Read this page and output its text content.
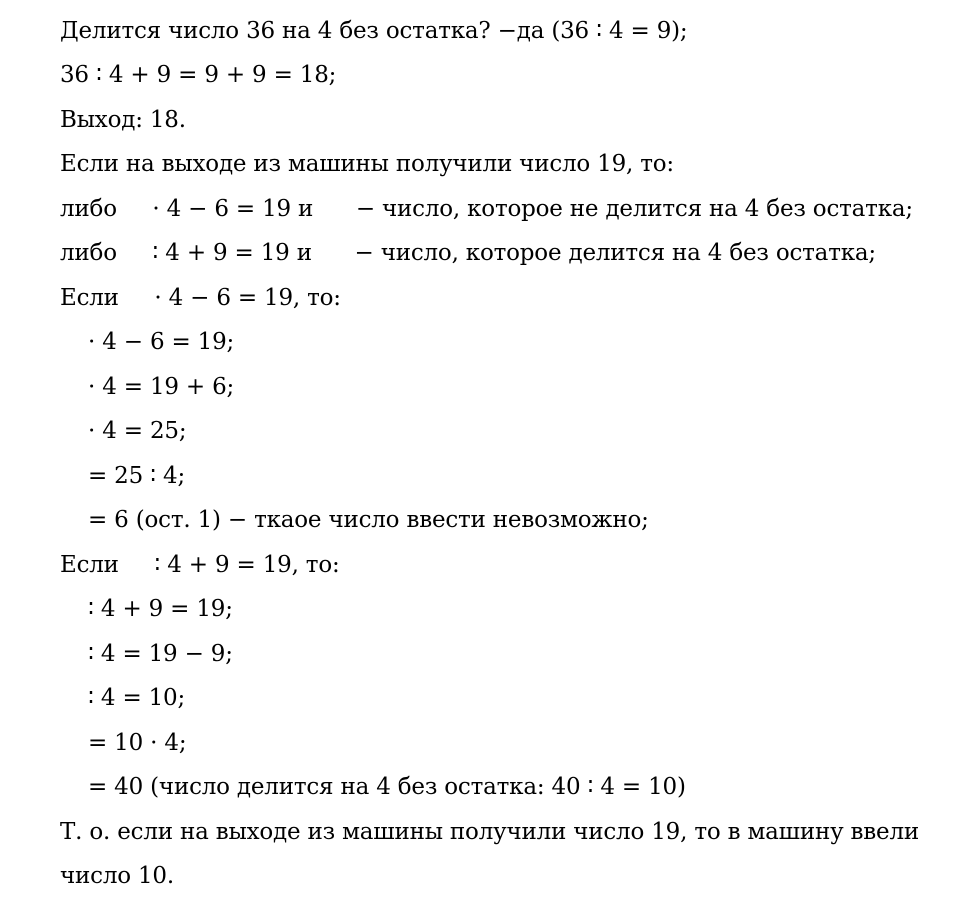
Делится число 36 на 4 без остатка? −да (36 ∶ 4 = 9);
36 ∶ 4 + 9 = 9 + 9 = 18;
Выход: 18.
Если на выходе из машины получили число 19, то:
либо     · 4 − 6 = 19 и      − число, которое не делится на 4 без остатка;
либо     ∶ 4 + 9 = 19 и      − число, которое делится на 4 без остатка;
Если     · 4 − 6 = 19, то:
· 4 − 6 = 19;
· 4 = 19 + 6;
· 4 = 25;
= 25 ∶ 4;
= 6 (ост. 1) − ткаое число ввести невозможно;
Если     ∶ 4 + 9 = 19, то:
∶ 4 + 9 = 19;
∶ 4 = 19 − 9;
∶ 4 = 10;
= 10 · 4;
= 40 (число делится на 4 без остатка: 40 ∶ 4 = 10)
Т. о. если на выходе из машины получили число 19, то в машину ввели
число 10.
